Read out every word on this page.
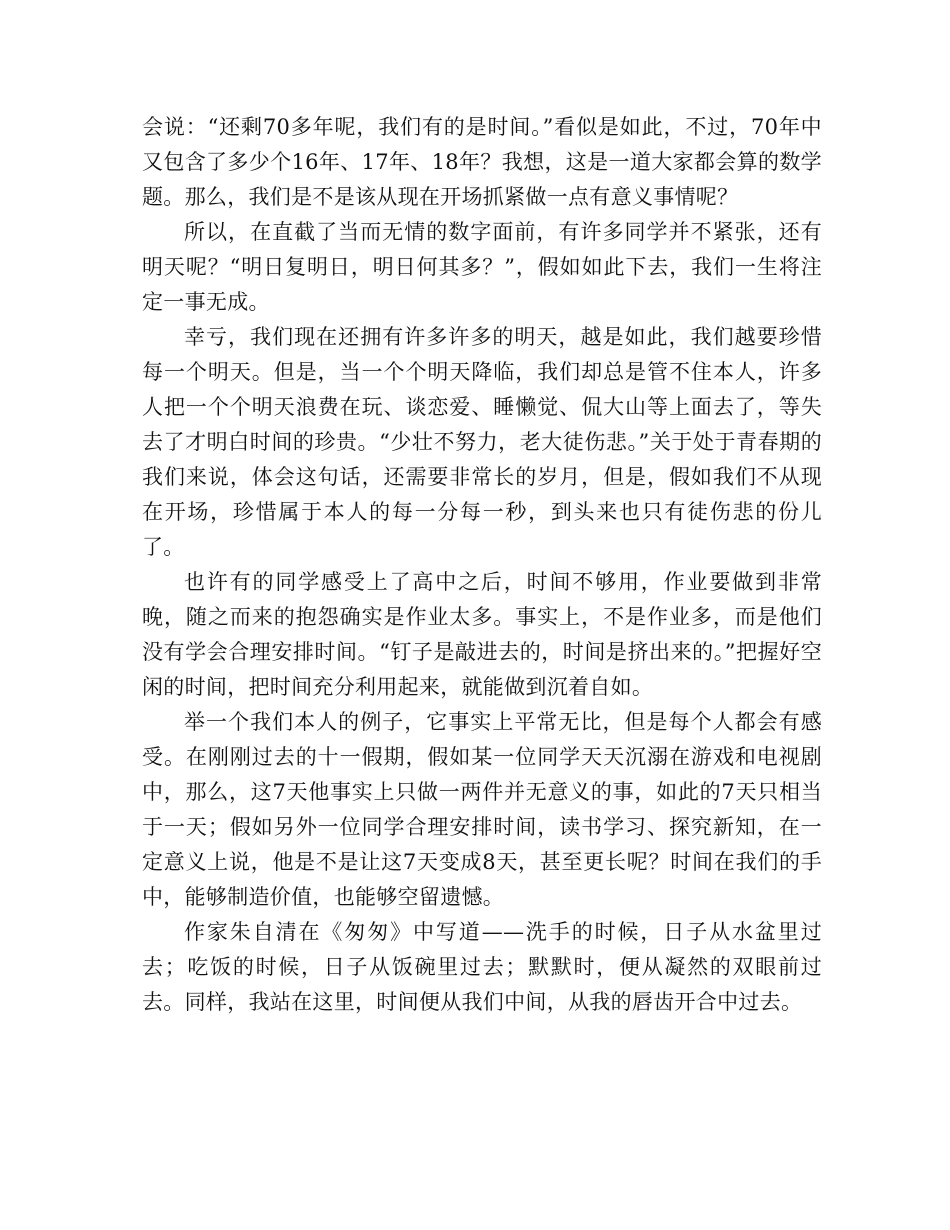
会说：“还剩70多年呢，我们有的是时间。”看似是如此，不过，70年中又包含了多少个16年、17年、18年？我想，这是一道大家都会算的数学题。那么，我们是不是该从现在开场抓紧做一点有意义事情呢？

所以，在直截了当而无情的数字面前，有许多同学并不紧张，还有明天呢？“明日复明日，明日何其多？”，假如如此下去，我们一生将注定一事无成。

幸亏，我们现在还拥有许多许多的明天，越是如此，我们越要珍惜每一个明天。但是，当一个个明天降临，我们却总是管不住本人，许多人把一个个明天浪费在玩、谈恋爱、睡懒觉、侃大山等上面去了，等失去了才明白时间的珍贵。“少壮不努力，老大徒伤悲。”关于处于青春期的我们来说，体会这句话，还需要非常长的岁月，但是，假如我们不从现在开场，珍惜属于本人的每一分每一秒，到头来也只有徒伤悲的份儿了。

也许有的同学感受上了高中之后，时间不够用，作业要做到非常晚，随之而来的抱怨确实是作业太多。事实上，不是作业多，而是他们没有学会合理安排时间。“钉子是敲进去的，时间是挤出来的。”把握好空闲的时间，把时间充分利用起来，就能做到沉着自如。

举一个我们本人的例子，它事实上平常无比，但是每个人都会有感受。在刚刚过去的十一假期，假如某一位同学天天沉溺在游戏和电视剧中，那么，这7天他事实上只做一两件并无意义的事，如此的7天只相当于一天；假如另外一位同学合理安排时间，读书学习、探究新知，在一定意义上说，他是不是让这7天变成8天，甚至更长呢？时间在我们的手中，能够制造价值，也能够空留遗憾。

作家朱自清在《匆匆》中写道——洗手的时候，日子从水盆里过去；吃饭的时候，日子从饭碗里过去；默默时，便从凝然的双眼前过去。同样，我站在这里，时间便从我们中间，从我的唇齿开合中过去。
